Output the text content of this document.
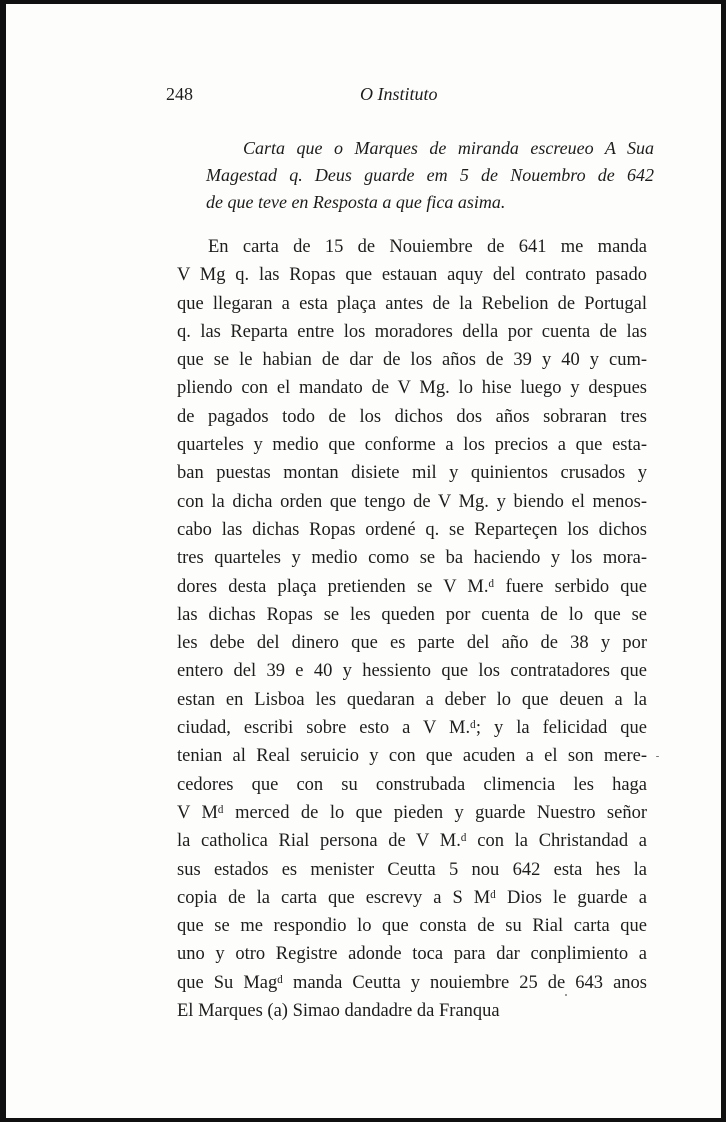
248	O Instituto
Carta que o Marques de miranda escreueo A Sua
Magestad q. Deus guarde em 5 de Nouembro de 642
de que teve en Resposta a que fica asima.
En carta de 15 de Nouiembre de 641 me manda
V Mg q. las Ropas que estauan aquy del contrato pasado
que llegaran a esta plaça antes de la Rebelion de Portugal
q. las Reparta entre los moradores della por cuenta de las
que se le habian de dar de los años de 39 y 40 y cum-
pliendo con el mandato de V Mg. lo hise luego y despues
de pagados todo de los dichos dos años sobraran tres
quarteles y medio que conforme a los precios a que esta-
ban puestas montan disiete mil y quinientos crusados y
con la dicha orden que tengo de V Mg. y biendo el menos-
cabo las dichas Ropas ordené q. se Reparteçen los dichos
tres quarteles y medio como se ba haciendo y los mora-
dores desta plaça pretienden se V M.ᵈ fuere serbido que
las dichas Ropas se les queden por cuenta de lo que se
les debe del dinero que es parte del año de 38 y por
entero del 39 e 40 y hessiento que los contratadores que
estan en Lisboa les quedaran a deber lo que deuen a la
ciudad, escribi sobre esto a V M.ᵈ; y la felicidad que
tenian al Real seruicio y con que acuden a el son mere-
cedores que con su construbada climencia les haga
V Mᵈ merced de lo que pieden y guarde Nuestro señor
la catholica Rial persona de V M.ᵈ con la Christandad a
sus estados es menister Ceutta 5 nou 642 esta hes la
copia de la carta que escrevy a S Mᵈ Dios le guarde a
que se me respondio lo que consta de su Rial carta que
uno y otro Registre adonde toca para dar conplimiento a
que Su Magᵈ manda Ceutta y nouiembre 25 de 643 anos
El Marques (a) Simao dandadre da Franqua
